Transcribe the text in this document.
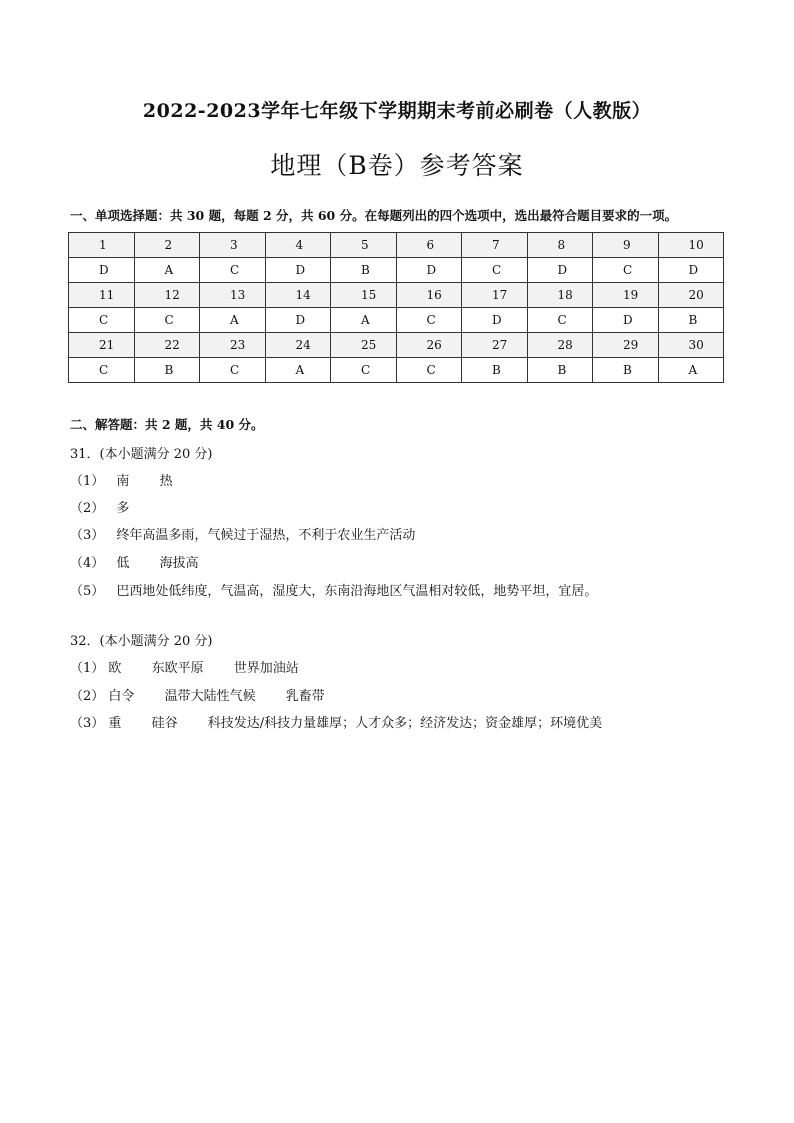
2022-2023学年七年级下学期期末考前必刷卷（人教版）
地理（B卷）参考答案
一、单项选择题：共 30 题，每题 2 分，共 60 分。在每题列出的四个选项中，选出最符合题目要求的一项。
1	2	3	4	5	6	7	8	9	10
D	A	C	D	B	D	C	D	C	D
11	12	13	14	15	16	17	18	19	20
C	C	A	D	A	C	D	C	D	B
21	22	23	24	25	26	27	28	29	30
C	B	C	A	C	C	B	B	B	A
二、解答题：共 2 题，共 40 分。
31．(本小题满分 20 分)
（1） 南 热
（2） 多
（3） 终年高温多雨，气候过于湿热，不利于农业生产活动
（4） 低 海拔高
（5） 巴西地处低纬度，气温高，湿度大，东南沿海地区气温相对较低，地势平坦，宜居。
32．(本小题满分 20 分)
（1） 欧 东欧平原 世界加油站
（2） 白令 温带大陆性气候 乳畜带
（3） 重 硅谷 科技发达/科技力量雄厚；人才众多；经济发达；资金雄厚；环境优美
